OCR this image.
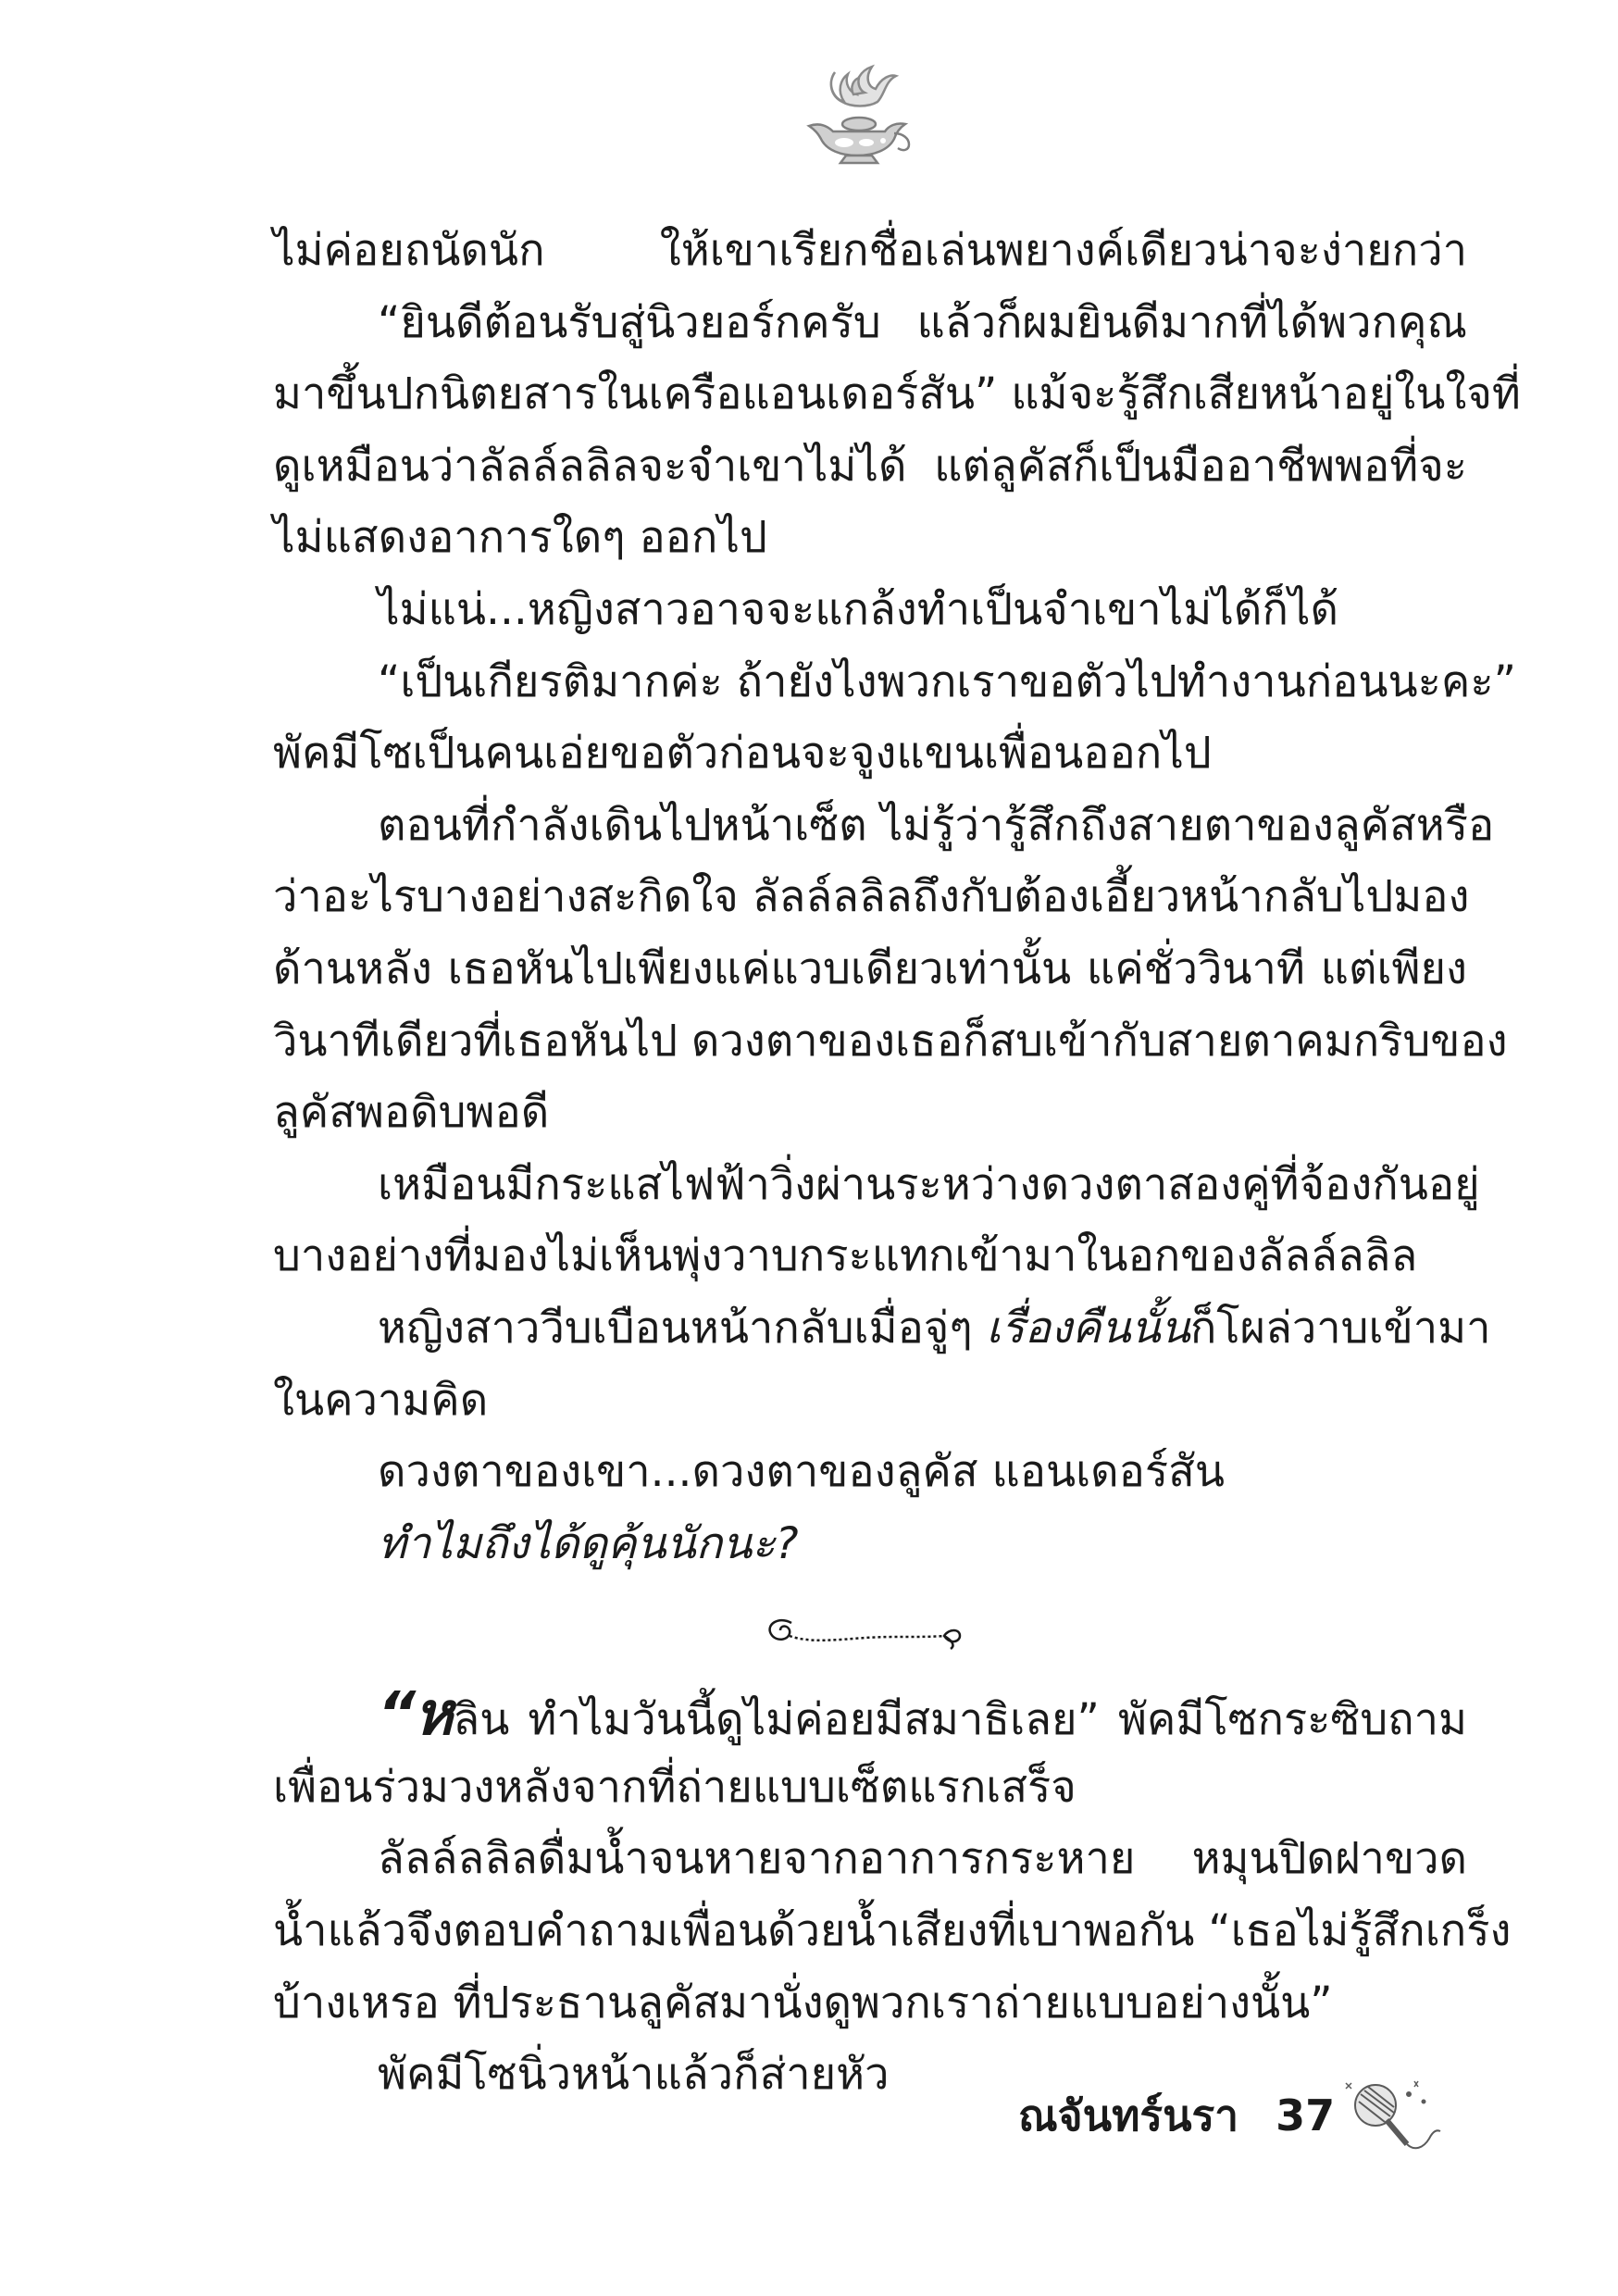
ไม่ค่อยถนัดนัก ให้เขาเรียกชื่อเล่นพยางค์เดียวน่าจะง่ายกว่า
“ยินดีต้อนรับสู่นิวยอร์กครับ แล้วก็ผมยินดีมากที่ได้พวกคุณ
มาขึ้นปกนิตยสารในเครือแอนเดอร์สัน” แม้จะรู้สึกเสียหน้าอยู่ในใจที่
ดูเหมือนว่าลัลล์ลลิลจะจำเขาไม่ได้ แต่ลูคัสก็เป็นมืออาชีพพอที่จะ
ไม่แสดงอาการใดๆ ออกไป
ไม่แน่...หญิงสาวอาจจะแกล้งทำเป็นจำเขาไม่ได้ก็ได้
“เป็นเกียรติมากค่ะ ถ้ายังไงพวกเราขอตัวไปทำงานก่อนนะคะ”
พัคมีโซเป็นคนเอ่ยขอตัวก่อนจะจูงแขนเพื่อนออกไป
ตอนที่กำลังเดินไปหน้าเซ็ต ไม่รู้ว่ารู้สึกถึงสายตาของลูคัสหรือ
ว่าอะไรบางอย่างสะกิดใจ ลัลล์ลลิลถึงกับต้องเอี้ยวหน้ากลับไปมอง
ด้านหลัง เธอหันไปเพียงแค่แวบเดียวเท่านั้น แค่ชั่ววินาที แต่เพียง
วินาทีเดียวที่เธอหันไป ดวงตาของเธอก็สบเข้ากับสายตาคมกริบของ
ลูคัสพอดิบพอดี
เหมือนมีกระแสไฟฟ้าวิ่งผ่านระหว่างดวงตาสองคู่ที่จ้องกันอยู่
บางอย่างที่มองไม่เห็นพุ่งวาบกระแทกเข้ามาในอกของลัลล์ลลิล
หญิงสาววีบเบือนหน้ากลับเมื่อจู่ๆ เรื่องคืนนั้นก็โผล่วาบเข้ามา
ในความคิด
ดวงตาของเขา...ดวงตาของลูคัส แอนเดอร์สัน
ทำไมถึงได้ดูคุ้นนักนะ?
“หลิน ทำไมวันนี้ดูไม่ค่อยมีสมาธิเลย” พัคมีโซกระซิบถาม
เพื่อนร่วมวงหลังจากที่ถ่ายแบบเซ็ตแรกเสร็จ
ลัลล์ลลิลดื่มน้ำจนหายจากอาการกระหาย หมุนปิดฝาขวด
น้ำแล้วจึงตอบคำถามเพื่อนด้วยน้ำเสียงที่เบาพอกัน “เธอไม่รู้สึกเกร็ง
บ้างเหรอ ที่ประธานลูคัสมานั่งดูพวกเราถ่ายแบบอย่างนั้น”
พัคมีโซนิ่วหน้าแล้วก็ส่ายหัว
ณจันทร์นรา 37
